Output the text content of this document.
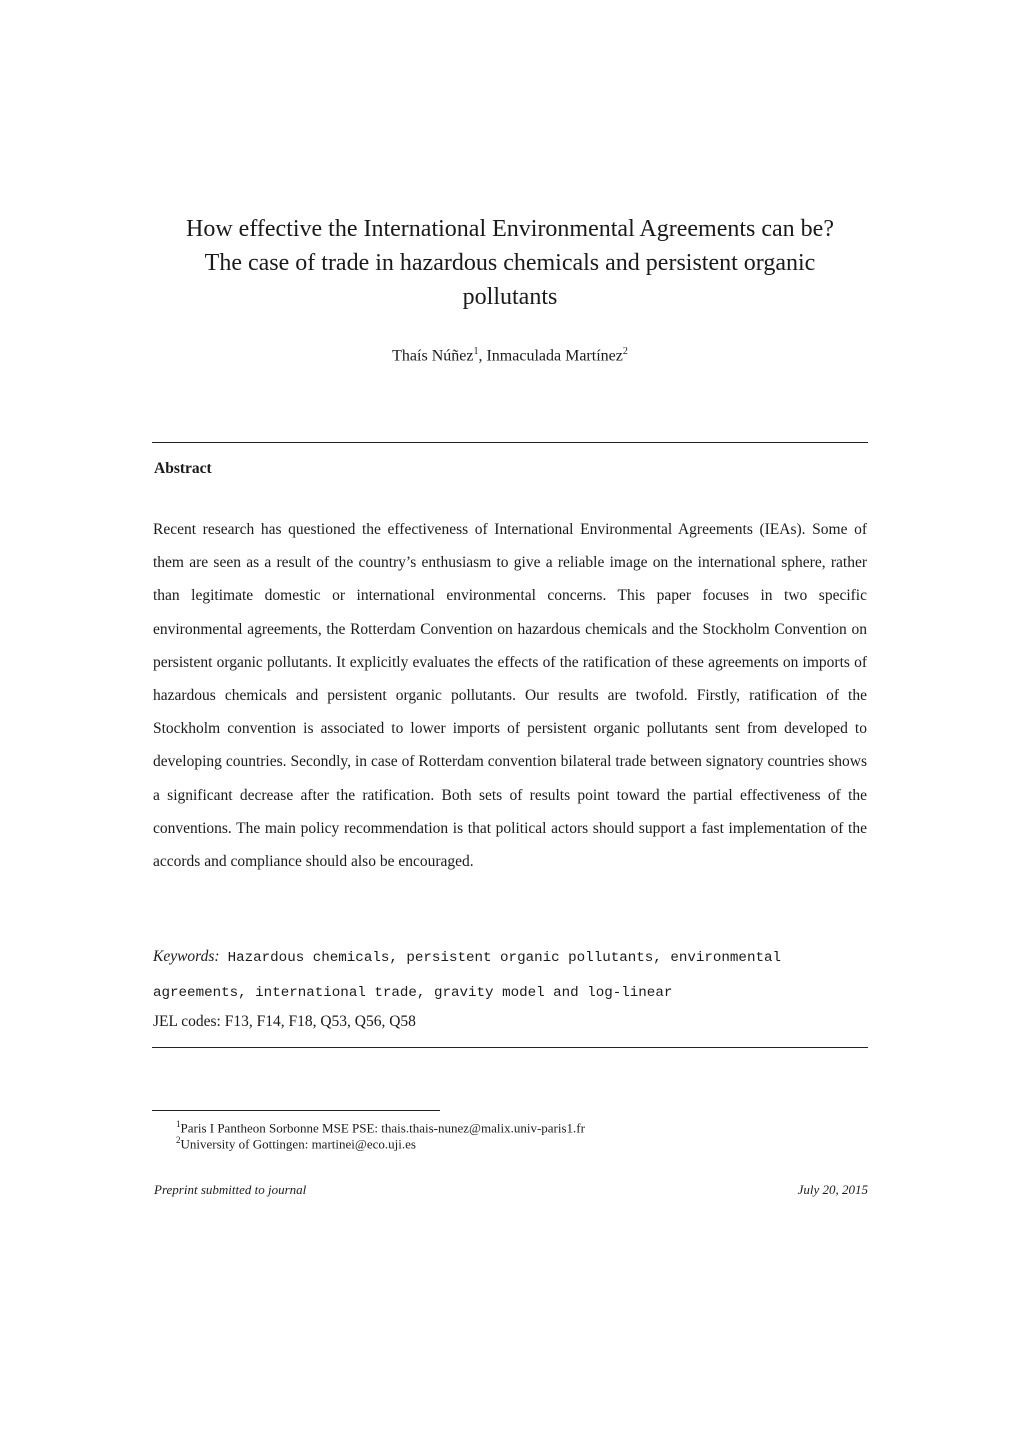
How effective the International Environmental Agreements can be?
The case of trade in hazardous chemicals and persistent organic
pollutants
Thaís Núñez$^1$, Inmaculada Martínez$^2$
Abstract

Recent research has questioned the effectiveness of International Environmental Agreements (IEAs). Some of them are seen as a result of the country’s enthusiasm to give a reliable image on the international sphere, rather than legitimate domestic or international environmental concerns. This paper focuses in two specific environmental agreements, the Rotterdam Convention on hazardous chemicals and the Stockholm Convention on persistent organic pollutants. It explicitly evaluates the effects of the ratification of these agreements on imports of hazardous chemicals and persistent organic pollutants. Our results are twofold. Firstly, ratification of the Stockholm convention is associated to lower imports of persistent organic pollutants sent from developed to developing countries. Secondly, in case of Rotterdam convention bilateral trade between signatory countries shows a significant decrease after the ratification. Both sets of results point toward the partial effectiveness of the conventions. The main policy recommendation is that political actors should support a fast implementation of the accords and compliance should also be encouraged.

Keywords: Hazardous chemicals, persistent organic pollutants, environmental agreements, international trade, gravity model and log-linear

JEL codes: F13, F14, F18, Q53, Q56, Q58
$^1$Paris I Pantheon Sorbonne MSE PSE: thais.thais-nunez@malix.univ-paris1.fr
$^2$University of Gottingen: martinei@eco.uji.es
Preprint submitted to journal	July 20, 2015
